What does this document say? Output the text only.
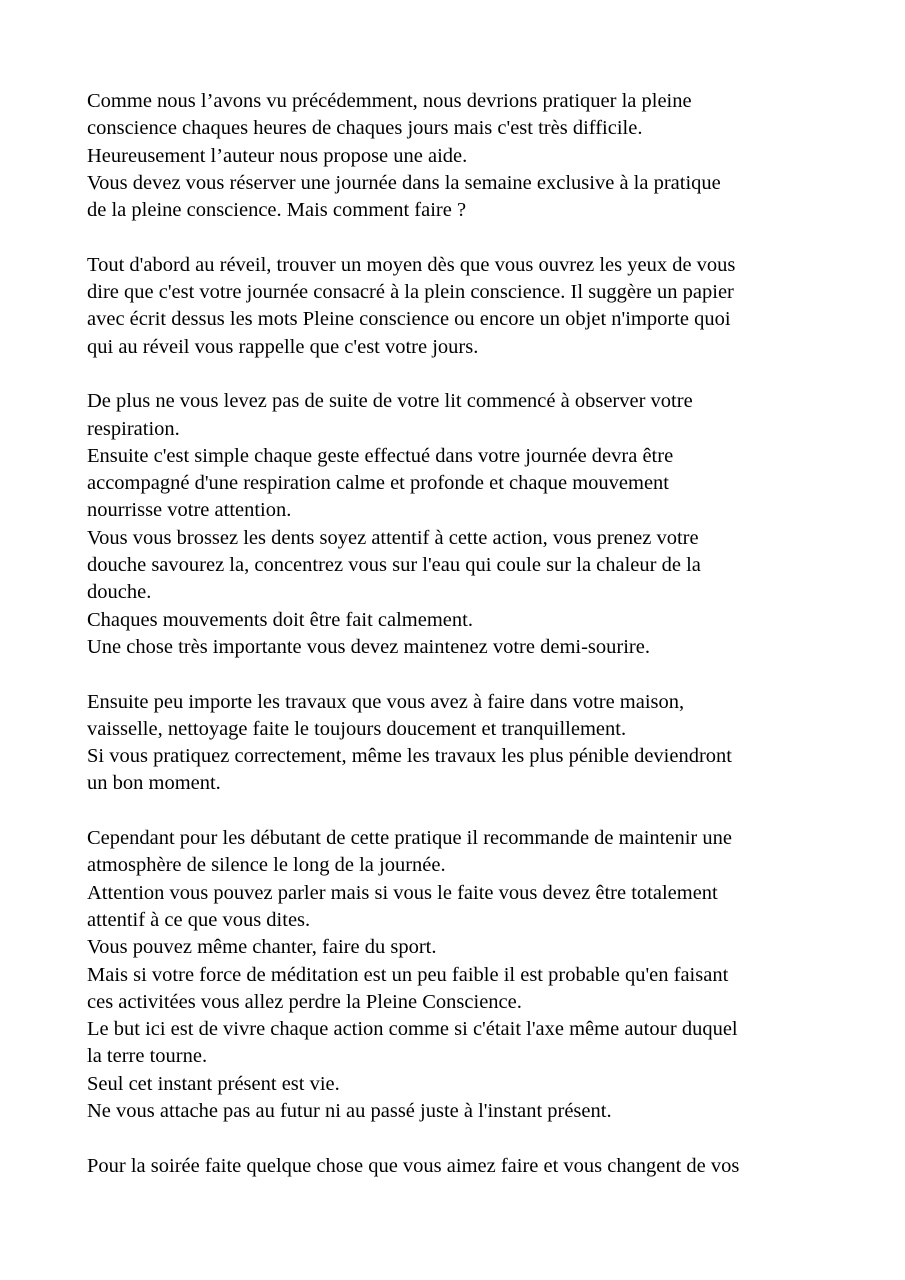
Comme nous l’avons vu précédemment, nous devrions pratiquer la pleine
conscience chaques heures de chaques jours mais c'est très difficile.
Heureusement l’auteur nous propose une aide.
Vous devez vous réserver une journée dans la semaine exclusive à la pratique
de la pleine conscience. Mais comment faire ?
Tout d'abord au réveil, trouver un moyen dès que vous ouvrez les yeux de vous
dire que c'est votre journée consacré à la plein conscience. Il suggère un papier
avec écrit dessus les mots Pleine conscience ou encore un objet n'importe quoi
qui au réveil vous rappelle que c'est votre jours.
De plus ne vous levez pas de suite de votre lit commencé à observer votre
respiration.
Ensuite c'est simple chaque geste effectué dans votre journée devra être
accompagné d'une respiration calme et profonde et chaque mouvement
nourrisse votre attention.
Vous vous brossez les dents soyez attentif à cette action, vous prenez votre
douche savourez la, concentrez vous sur l'eau qui coule sur la chaleur de la
douche.
Chaques mouvements doit être fait calmement.
Une chose très importante vous devez maintenez votre demi-sourire.
Ensuite peu importe les travaux que vous avez à faire dans votre maison,
vaisselle, nettoyage faite le toujours doucement et tranquillement.
Si vous pratiquez correctement, même les travaux les plus pénible deviendront
un bon moment.
Cependant pour les débutant de cette pratique il recommande de maintenir une
atmosphère de silence le long de la journée.
Attention vous pouvez parler mais si vous le faite vous devez être totalement
attentif à ce que vous dites.
Vous pouvez même chanter, faire du sport.
Mais si votre force de méditation est un peu faible il est probable qu'en faisant
ces activitées vous allez perdre la Pleine Conscience.
Le but ici est de vivre chaque action comme si c'était l'axe même autour duquel
la terre tourne.
Seul cet instant présent est vie.
Ne vous attache pas au futur ni au passé juste à l'instant présent.
Pour la soirée faite quelque chose que vous aimez faire et vous changent de vos
